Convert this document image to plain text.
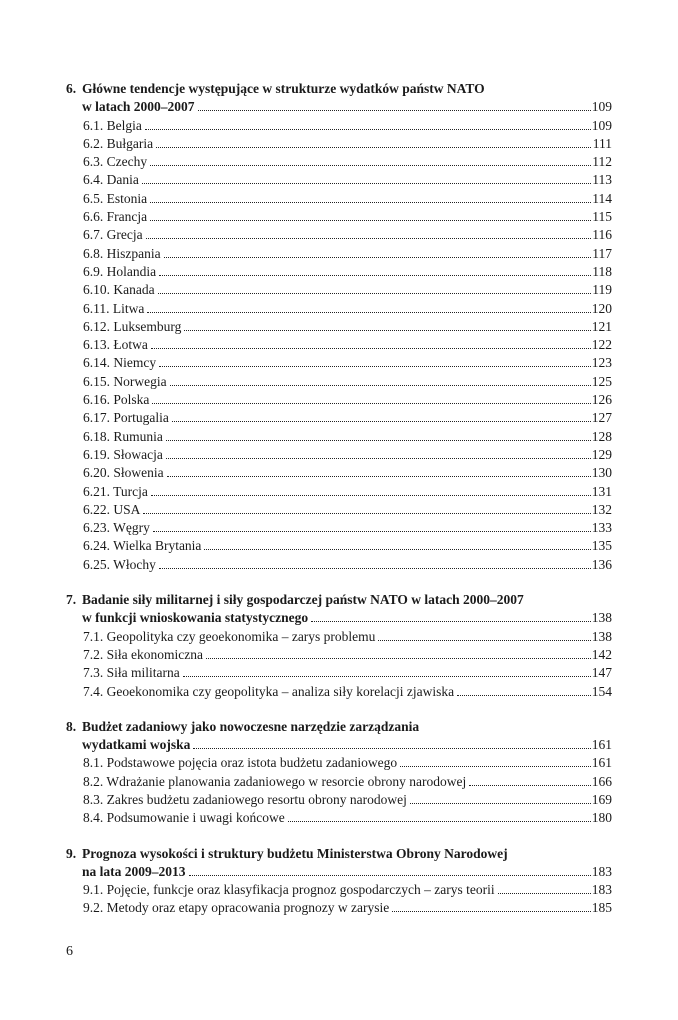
6. Główne tendencje występujące w strukturze wydatków państw NATO
w latach 2000–2007	109
6.1. Belgia	109
6.2. Bułgaria	111
6.3. Czechy	112
6.4. Dania	113
6.5. Estonia	114
6.6. Francja	115
6.7. Grecja	116
6.8. Hiszpania	117
6.9. Holandia	118
6.10. Kanada	119
6.11. Litwa	120
6.12. Luksemburg	121
6.13. Łotwa	122
6.14. Niemcy	123
6.15. Norwegia	125
6.16. Polska	126
6.17. Portugalia	127
6.18. Rumunia	128
6.19. Słowacja	129
6.20. Słowenia	130
6.21. Turcja	131
6.22. USA	132
6.23. Węgry	133
6.24. Wielka Brytania	135
6.25. Włochy	136
7. Badanie siły militarnej i siły gospodarczej państw NATO w latach 2000–2007
w funkcji wnioskowania statystycznego	138
7.1. Geopolityka czy geoekonomika – zarys problemu	138
7.2. Siła ekonomiczna	142
7.3. Siła militarna	147
7.4. Geoekonomika czy geopolityka – analiza siły korelacji zjawiska	154
8. Budżet zadaniowy jako nowoczesne narzędzie zarządzania
wydatkami wojska	161
8.1. Podstawowe pojęcia oraz istota budżetu zadaniowego	161
8.2. Wdrażanie planowania zadaniowego w resorcie obrony narodowej	166
8.3. Zakres budżetu zadaniowego resortu obrony narodowej	169
8.4. Podsumowanie i uwagi końcowe	180
9. Prognoza wysokości i struktury budżetu Ministerstwa Obrony Narodowej
na lata 2009–2013	183
9.1. Pojęcie, funkcje oraz klasyfikacja prognoz gospodarczych – zarys teorii	183
9.2. Metody oraz etapy opracowania prognozy w zarysie	185
6
